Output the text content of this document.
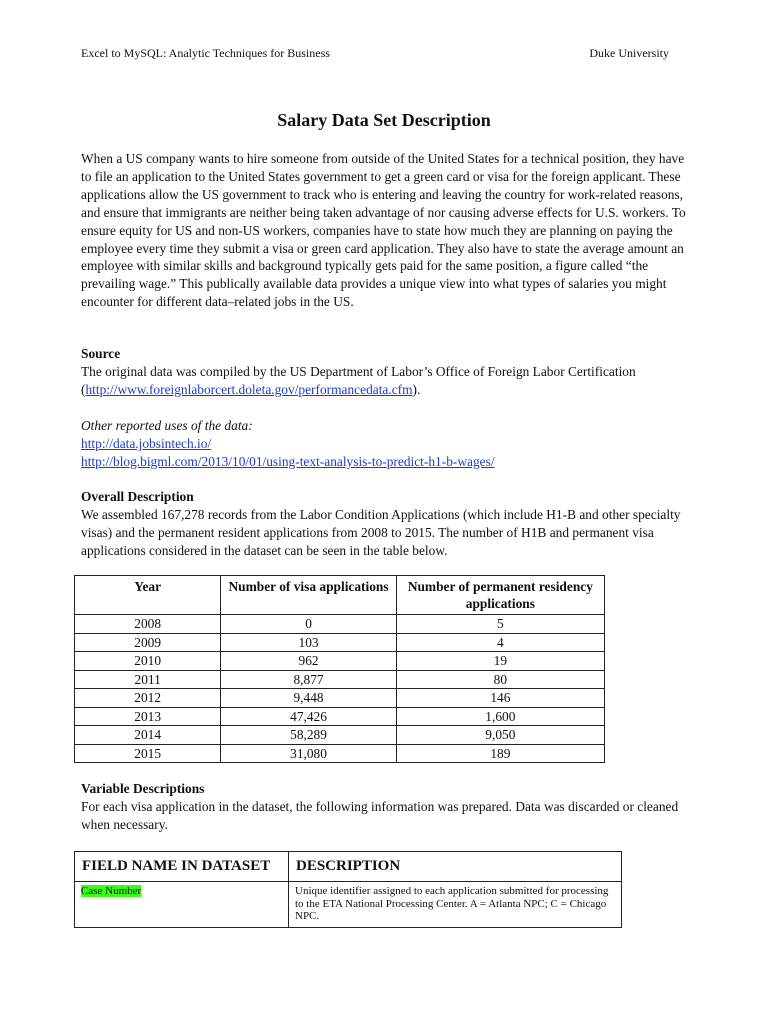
Excel to MySQL: Analytic Techniques for Business	Duke University
Salary Data Set Description
When a US company wants to hire someone from outside of the United States for a technical position, they have to file an application to the United States government to get a green card or visa for the foreign applicant. These applications allow the US government to track who is entering and leaving the country for work-related reasons, and ensure that immigrants are neither being taken advantage of nor causing adverse effects for U.S. workers. To ensure equity for US and non-US workers, companies have to state how much they are planning on paying the employee every time they submit a visa or green card application. They also have to state the average amount an employee with similar skills and background typically gets paid for the same position, a figure called “the prevailing wage.” This publically available data provides a unique view into what types of salaries you might encounter for different data–related jobs in the US.
Source
The original data was compiled by the US Department of Labor’s Office of Foreign Labor Certification (http://www.foreignlaborcert.doleta.gov/performancedata.cfm).
Other reported uses of the data:
http://data.jobsintech.io/
http://blog.bigml.com/2013/10/01/using-text-analysis-to-predict-h1-b-wages/
Overall Description
We assembled 167,278 records from the Labor Condition Applications (which include H1-B and other specialty visas) and the permanent resident applications from 2008 to 2015. The number of H1B and permanent visa applications considered in the dataset can be seen in the table below.
Year	Number of visa applications	Number of permanent residency applications
2008	0	5
2009	103	4
2010	962	19
2011	8,877	80
2012	9,448	146
2013	47,426	1,600
2014	58,289	9,050
2015	31,080	189
Variable Descriptions
For each visa application in the dataset, the following information was prepared. Data was discarded or cleaned when necessary.
FIELD NAME IN DATASET	DESCRIPTION
Case Number	Unique identifier assigned to each application submitted for processing to the ETA National Processing Center. A = Atlanta NPC; C = Chicago NPC.
